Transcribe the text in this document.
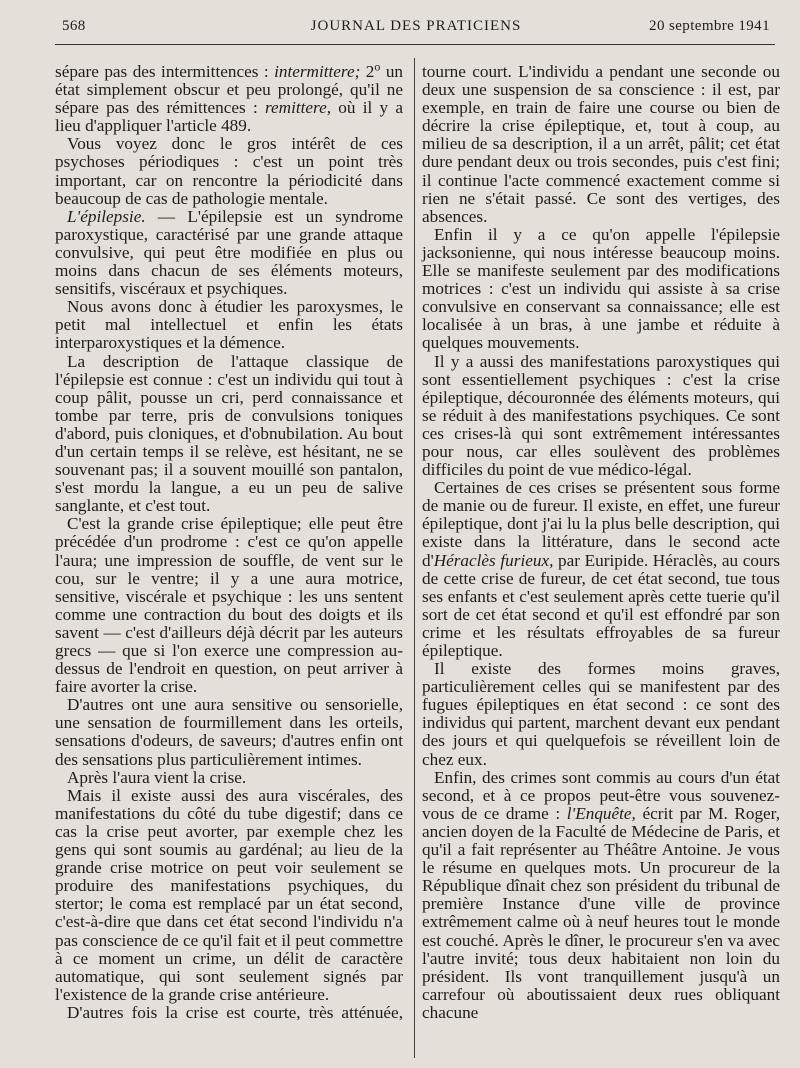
568	JOURNAL DES PRATICIENS	20 septembre 1941

sépare pas des intermittences : intermittere; 2$^o$ un état simplement obscur et peu prolongé, qu'il ne sépare pas des rémittences : remittere, où il y a lieu d'appliquer l'article 489.

Vous voyez donc le gros intérêt de ces psychoses périodiques : c'est un point très important, car on rencontre la périodicité dans beaucoup de cas de pathologie mentale.

L'épilepsie. — L'épilepsie est un syndrome paroxystique, caractérisé par une grande attaque convulsive, qui peut être modifiée en plus ou moins dans chacun de ses éléments moteurs, sensitifs, viscéraux et psychiques.

Nous avons donc à étudier les paroxysmes, le petit mal intellectuel et enfin les états interparoxystiques et la démence.

La description de l'attaque classique de l'épilepsie est connue : c'est un individu qui tout à coup pâlit, pousse un cri, perd connaissance et tombe par terre, pris de convulsions toniques d'abord, puis cloniques, et d'obnubilation. Au bout d'un certain temps il se relève, est hésitant, ne se souvenant pas; il a souvent mouillé son pantalon, s'est mordu la langue, a eu un peu de salive sanglante, et c'est tout.

C'est la grande crise épileptique; elle peut être précédée d'un prodrome : c'est ce qu'on appelle l'aura; une impression de souffle, de vent sur le cou, sur le ventre; il y a une aura motrice, sensitive, viscérale et psychique : les uns sentent comme une contraction du bout des doigts et ils savent — c'est d'ailleurs déjà décrit par les auteurs grecs — que si l'on exerce une compression au-dessus de l'endroit en question, on peut arriver à faire avorter la crise.

D'autres ont une aura sensitive ou sensorielle, une sensation de fourmillement dans les orteils, sensations d'odeurs, de saveurs; d'autres enfin ont des sensations plus particulièrement intimes.

Après l'aura vient la crise.

Mais il existe aussi des aura viscérales, des manifestations du côté du tube digestif; dans ce cas la crise peut avorter, par exemple chez les gens qui sont soumis au gardénal; au lieu de la grande crise motrice on peut voir seulement se produire des manifestations psychiques, du stertor; le coma est remplacé par un état second, c'est-à-dire que dans cet état second l'individu n'a pas conscience de ce qu'il fait et il peut commettre à ce moment un crime, un délit de caractère automatique, qui sont seulement signés par l'existence de la grande crise antérieure.

D'autres fois la crise est courte, très atténuée,

tourne court. L'individu a pendant une seconde ou deux une suspension de sa conscience : il est, par exemple, en train de faire une course ou bien de décrire la crise épileptique, et, tout à coup, au milieu de sa description, il a un arrêt, pâlit; cet état dure pendant deux ou trois secondes, puis c'est fini; il continue l'acte commencé exactement comme si rien ne s'était passé. Ce sont des vertiges, des absences.

Enfin il y a ce qu'on appelle l'épilepsie jacksonienne, qui nous intéresse beaucoup moins. Elle se manifeste seulement par des modifications motrices : c'est un individu qui assiste à sa crise convulsive en conservant sa connaissance; elle est localisée à un bras, à une jambe et réduite à quelques mouvements.

Il y a aussi des manifestations paroxystiques qui sont essentiellement psychiques : c'est la crise épileptique, découronnée des éléments moteurs, qui se réduit à des manifestations psychiques. Ce sont ces crises-là qui sont extrêmement intéressantes pour nous, car elles soulèvent des problèmes difficiles du point de vue médico-légal.

Certaines de ces crises se présentent sous forme de manie ou de fureur. Il existe, en effet, une fureur épileptique, dont j'ai lu la plus belle description, qui existe dans la littérature, dans le second acte d'Héraclès furieux, par Euripide. Héraclès, au cours de cette crise de fureur, de cet état second, tue tous ses enfants et c'est seulement après cette tuerie qu'il sort de cet état second et qu'il est effondré par son crime et les résultats effroyables de sa fureur épileptique.

Il existe des formes moins graves, particulièrement celles qui se manifestent par des fugues épileptiques en état second : ce sont des individus qui partent, marchent devant eux pendant des jours et qui quelquefois se réveillent loin de chez eux.

Enfin, des crimes sont commis au cours d'un état second, et à ce propos peut-être vous souvenez-vous de ce drame : l'Enquête, écrit par M. Roger, ancien doyen de la Faculté de Médecine de Paris, et qu'il a fait représenter au Théâtre Antoine. Je vous le résume en quelques mots. Un procureur de la République dînait chez son président du tribunal de première Instance d'une ville de province extrêmement calme où à neuf heures tout le monde est couché. Après le dîner, le procureur s'en va avec l'autre invité; tous deux habitaient non loin du président. Ils vont tranquillement jusqu'à un carrefour où aboutissaient deux rues obliquant chacune
